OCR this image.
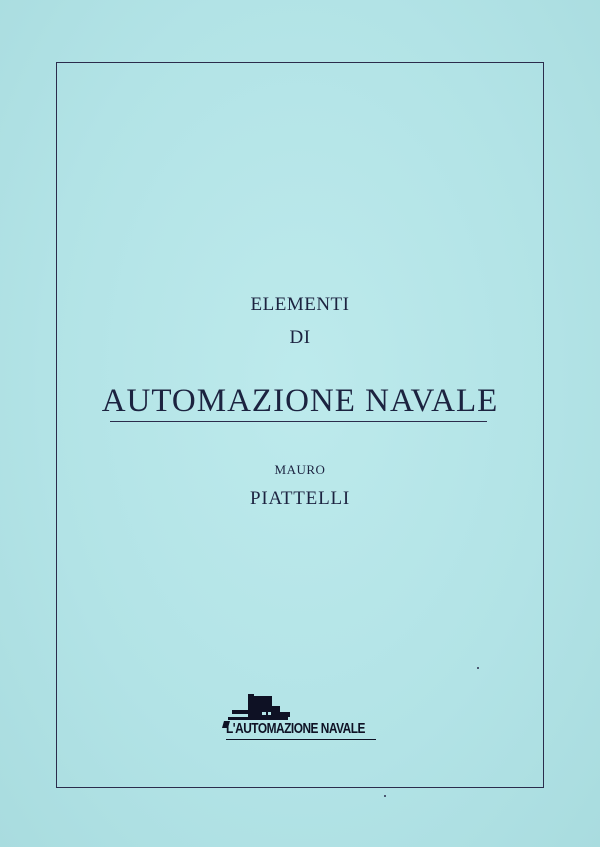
ELEMENTI
DI
AUTOMAZIONE NAVALE
MAURO
PIATTELLI
L'AUTOMAZIONE NAVALE
